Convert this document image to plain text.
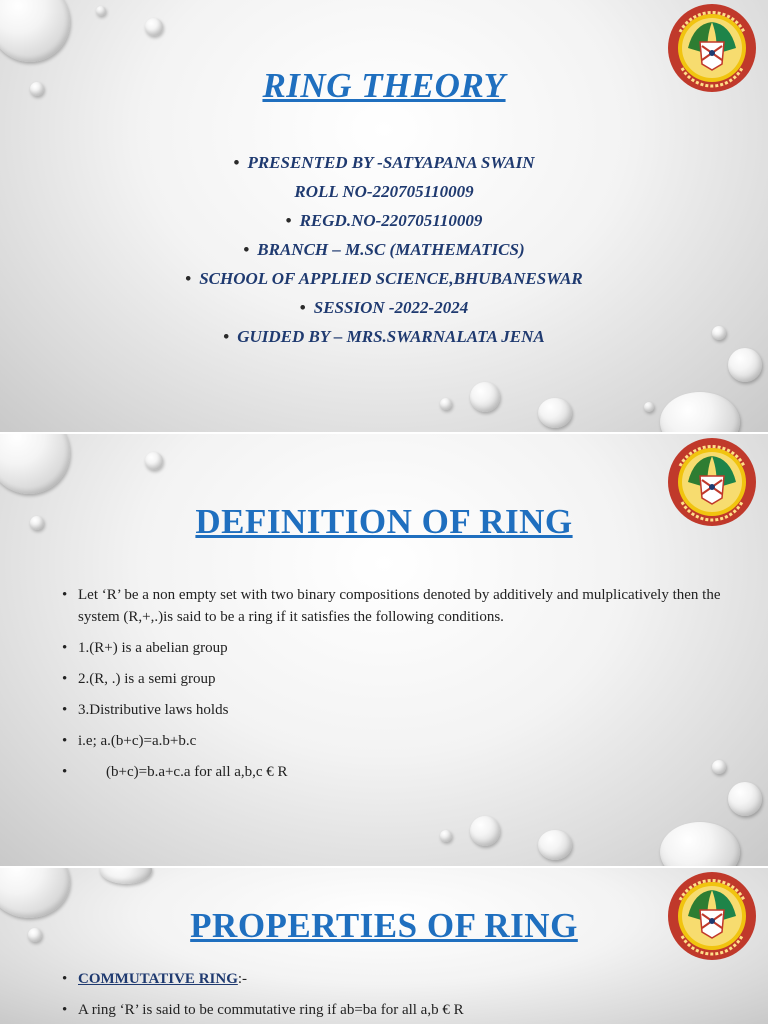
RING THEORY
• PRESENTED BY -SATYAPANA SWAIN
ROLL NO-220705110009
• REGD.NO-220705110009
• BRANCH – M.SC (MATHEMATICS)
• SCHOOL OF APPLIED SCIENCE,BHUBANESWAR
• SESSION -2022-2024
• GUIDED BY – MRS.SWARNALATA JENA
DEFINITION OF RING
• Let ‘R’ be a non empty set with two binary compositions denoted by additively and mulplicatively then the system (R,+,.)is said to be a ring if it satisfies the following conditions.
• 1.(R+) is a abelian group
• 2.(R, .) is a semi group
• 3.Distributive laws holds
• i.e; a.(b+c)=a.b+b.c
• (b+c)=b.a+c.a for all a,b,c € R
PROPERTIES OF RING
• COMMUTATIVE RING:-
• A ring ‘R’ is said to be commutative ring if ab=ba for all a,b € R
